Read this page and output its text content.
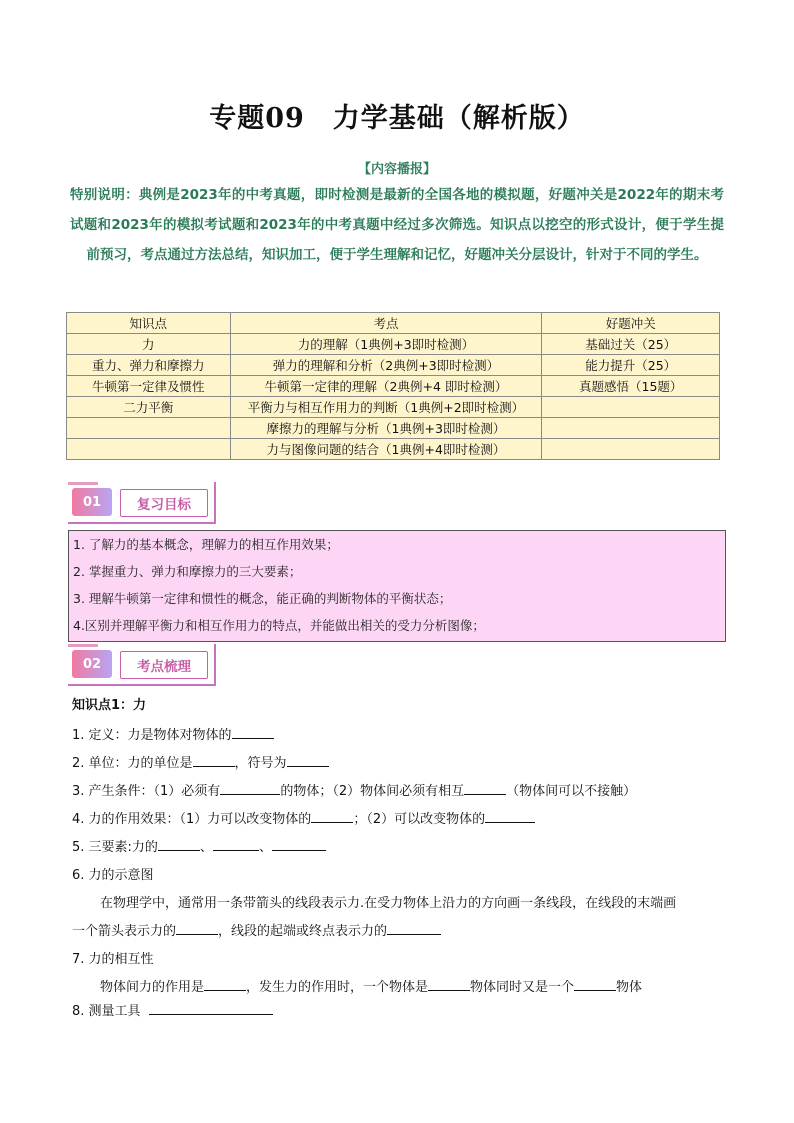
专题09　力学基础（解析版）
【内容播报】
特别说明：典例是2023年的中考真题，即时检测是最新的全国各地的模拟题，好题冲关是2022年的期末考试题和2023年的模拟考试题和2023年的中考真题中经过多次筛选。知识点以挖空的形式设计，便于学生提前预习，考点通过方法总结，知识加工，便于学生理解和记忆，好题冲关分层设计，针对于不同的学生。
知识点	考点	好题冲关
力	力的理解（1典例+3即时检测）	基础过关（25）
重力、弹力和摩擦力	弹力的理解和分析（2典例+3即时检测）	能力提升（25）
牛顿第一定律及惯性	牛顿第一定律的理解（2典例+4 即时检测）	真题感悟（15题）
二力平衡	平衡力与相互作用力的判断（1典例+2即时检测）	
	摩擦力的理解与分析（1典例+3即时检测）	
	力与图像问题的结合（1典例+4即时检测）	
01	复习目标
1. 了解力的基本概念，理解力的相互作用效果；
2. 掌握重力、弹力和摩擦力的三大要素；
3. 理解牛顿第一定律和惯性的概念，能正确的判断物体的平衡状态；
4.区别并理解平衡力和相互作用力的特点，并能做出相关的受力分析图像；
02	考点梳理
知识点1：力
1. 定义：力是物体对物体的
2. 单位：力的单位是	，符号为
3. 产生条件：（1）必须有	的物体；（2）物体间必须有相互	（物体间可以不接触）
4. 力的作用效果：（1）力可以改变物体的	；（2）可以改变物体的
5. 三要素:力的	、	、
6. 力的示意图
在物理学中，通常用一条带箭头的线段表示力.在受力物体上沿力的方向画一条线段，在线段的末端画
一个箭头表示力的	，线段的起端或终点表示力的
7. 力的相互性
物体间力的作用是	，发生力的作用时，一个物体是	物体同时又是一个	物体
8. 测量工具
